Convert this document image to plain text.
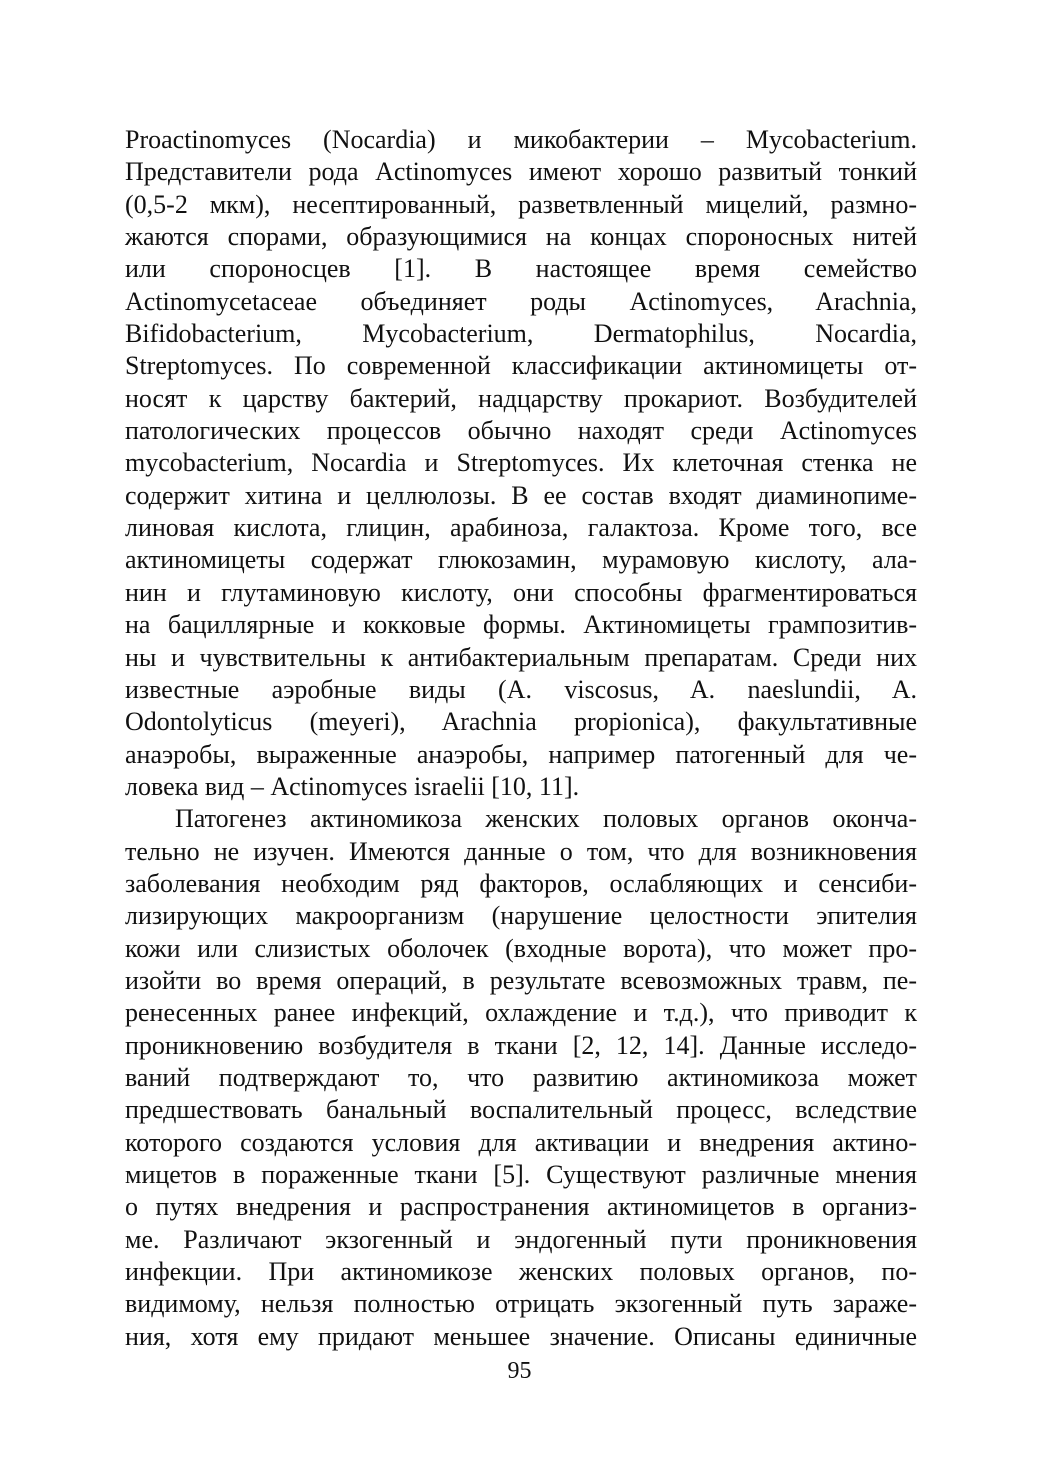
Proactinomyces (Nocardia) и микобактерии – Mycobacterium.
Представители рода Actinomyces имеют хорошо развитый тонкий
(0,5-2 мкм), несептированный, разветвленный мицелий, размно-
жаются спорами, образующимися на концах спороносных нитей
или спороносцев [1]. В настоящее время семейство
Actinomycetaceae объединяет роды Actinomyces, Arachnia,
Bifidobacterium, Mycobacterium, Dermatophilus, Nocardia,
Streptomyces. По современной классификации актиномицеты от-
носят к царству бактерий, надцарству прокариот. Возбудителей
патологических процессов обычно находят среди Actinomyces
mycobacterium, Nocardia и Streptomyces. Их клеточная стенка не
содержит хитина и целлюлозы. В ее состав входят диаминопиме-
линовая кислота, глицин, арабиноза, галактоза. Кроме того, все
актиномицеты содержат глюкозамин, мурамовую кислоту, ала-
нин и глутаминовую кислоту, они способны фрагментироваться
на бациллярные и кокковые формы. Актиномицеты грампозитив-
ны и чувствительны к антибактериальным препаратам. Среди них
известные аэробные виды (A. viscosus, A. naeslundii, A.
Odontolyticus (meyeri), Arachnia propionica), факультативные
анаэробы, выраженные анаэробы, например патогенный для че-
ловека вид – Actinomyces israelii [10, 11].
Патогенез актиномикоза женских половых органов оконча-
тельно не изучен. Имеются данные о том, что для возникновения
заболевания необходим ряд факторов, ослабляющих и сенсиби-
лизирующих макроорганизм (нарушение целостности эпителия
кожи или слизистых оболочек (входные ворота), что может про-
изойти во время операций, в результате всевозможных травм, пе-
ренесенных ранее инфекций, охлаждение и т.д.), что приводит к
проникновению возбудителя в ткани [2, 12, 14]. Данные исследо-
ваний подтверждают то, что развитию актиномикоза может
предшествовать банальный воспалительный процесс, вследствие
которого создаются условия для активации и внедрения актино-
мицетов в пораженные ткани [5]. Существуют различные мнения
о путях внедрения и распространения актиномицетов в организ-
ме. Различают экзогенный и эндогенный пути проникновения
инфекции. При актиномикозе женских половых органов, по-
видимому, нельзя полностью отрицать экзогенный путь зараже-
ния, хотя ему придают меньшее значение. Описаны единичные
95
